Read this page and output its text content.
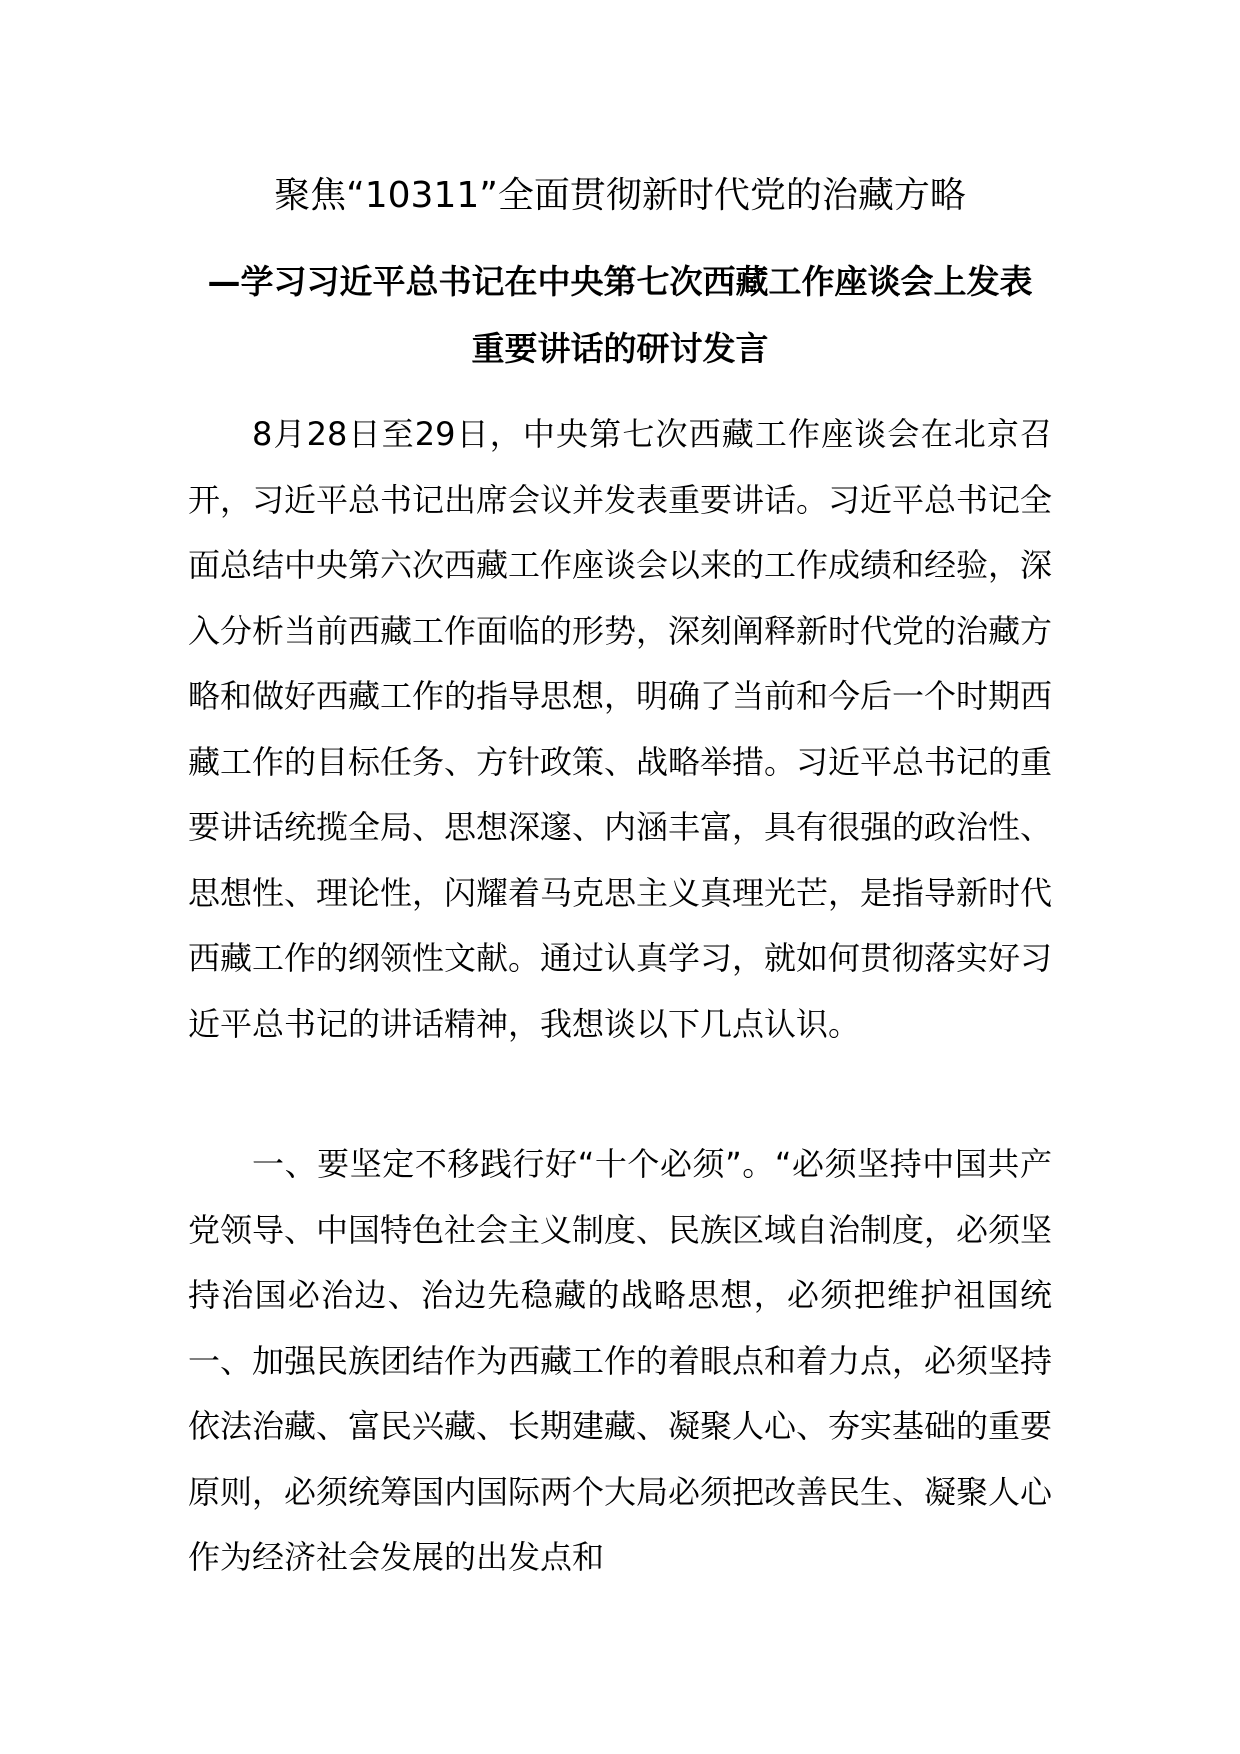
聚焦“10311”全面贯彻新时代党的治藏方略
—学习习近平总书记在中央第七次西藏工作座谈会上发表
重要讲话的研讨发言

8月28日至29日，中央第七次西藏工作座谈会在北京召开，习近平总书记出席会议并发表重要讲话。习近平总书记全面总结中央第六次西藏工作座谈会以来的工作成绩和经验，深入分析当前西藏工作面临的形势，深刻阐释新时代党的治藏方略和做好西藏工作的指导思想，明确了当前和今后一个时期西藏工作的目标任务、方针政策、战略举措。习近平总书记的重要讲话统揽全局、思想深邃、内涵丰富，具有很强的政治性、思想性、理论性，闪耀着马克思主义真理光芒，是指导新时代西藏工作的纲领性文献。通过认真学习，就如何贯彻落实好习近平总书记的讲话精神，我想谈以下几点认识。

一、要坚定不移践行好“十个必须”。“必须坚持中国共产党领导、中国特色社会主义制度、民族区域自治制度，必须坚持治国必治边、治边先稳藏的战略思想，必须把维护祖国统一、加强民族团结作为西藏工作的着眼点和着力点，必须坚持依法治藏、富民兴藏、长期建藏、凝聚人心、夯实基础的重要原则，必须统筹国内国际两个大局必须把改善民生、凝聚人心作为经济社会发展的出发点和
